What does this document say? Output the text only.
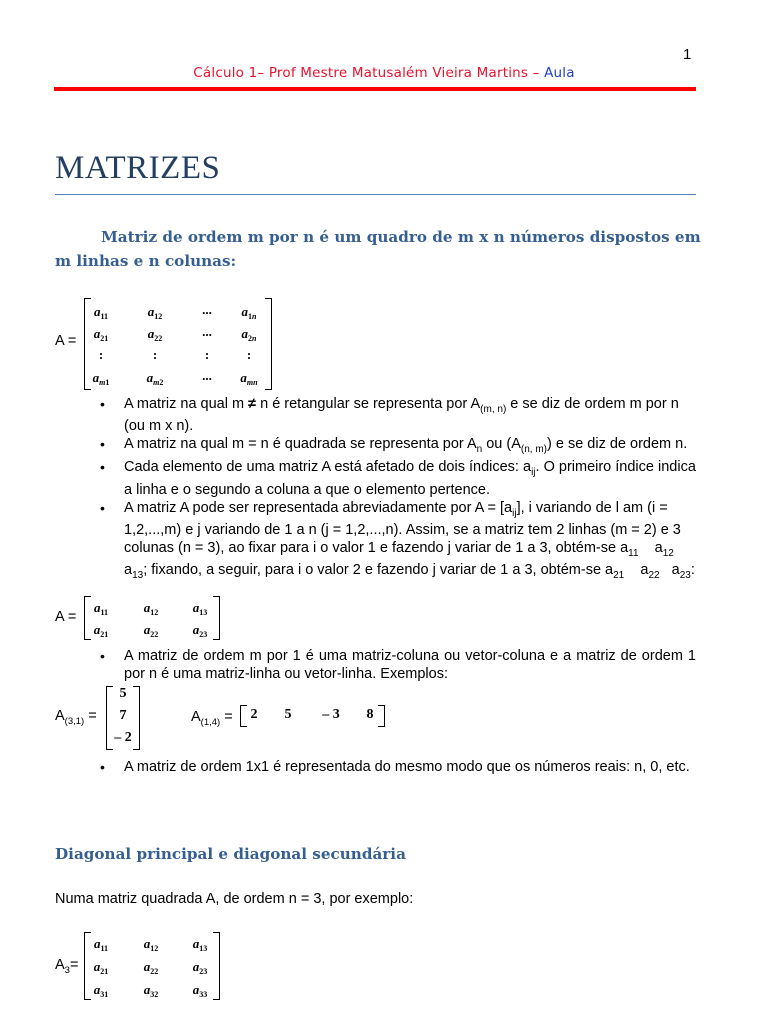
1
Cálculo 1– Prof Mestre Matusalém Vieira Martins – Aula
MATRIZES
Matriz de ordem m por n é um quadro de m x n números dispostos em m linhas e n colunas:
A =
$a_{11}$	$a_{12}$	...	$a_{1n}$
$a_{21}$	$a_{22}$	...	$a_{2n}$
:	:	:	:
$a_{m1}$	$a_{m2}$	...	$a_{mn}$
• A matriz na qual m ≠ n é retangular se representa por $A_{(m, n)}$ e se diz de ordem m por n (ou m x n).
• A matriz na qual m = n é quadrada se representa por $A_n$ ou $(A_{(n, m)})$ e se diz de ordem n.
• Cada elemento de uma matriz A está afetado de dois índices: $a_{ij}$. O primeiro índice indica a linha e o segundo a coluna a que o elemento pertence.
• A matriz A pode ser representada abreviadamente por $A = [a_{ij}]$, i variando de l am (i = 1,2,...,m) e j variando de 1 a n (j = 1,2,...,n). Assim, se a matriz tem 2 linhas (m = 2) e 3 colunas (n = 3), ao fixar para i o valor 1 e fazendo j variar de 1 a 3, obtém-se $a_{11}$    $a_{12}$   $a_{13}$; fixando, a seguir, para i o valor 2 e fazendo j variar de 1 a 3, obtém-se $a_{21}$    $a_{22}$   $a_{23}$:
A =
$a_{11}$	$a_{12}$	$a_{13}$
$a_{21}$	$a_{22}$	$a_{23}$
• A matriz de ordem m por 1 é uma matriz-coluna ou vetor-coluna e a matriz de ordem 1 por n é uma matriz-linha ou vetor-linha. Exemplos:
$A_{(3,1)}$ =
5
7
– 2
$A_{(1,4)}$ =	2	5	– 3	8
• A matriz de ordem 1x1 é representada do mesmo modo que os números reais: n, 0, etc.
Diagonal principal e diagonal secundária
Numa matriz quadrada A, de ordem n = 3, por exemplo:
$A_3=$
$a_{11}$	$a_{12}$	$a_{13}$
$a_{21}$	$a_{22}$	$a_{23}$
$a_{31}$	$a_{32}$	$a_{33}$
